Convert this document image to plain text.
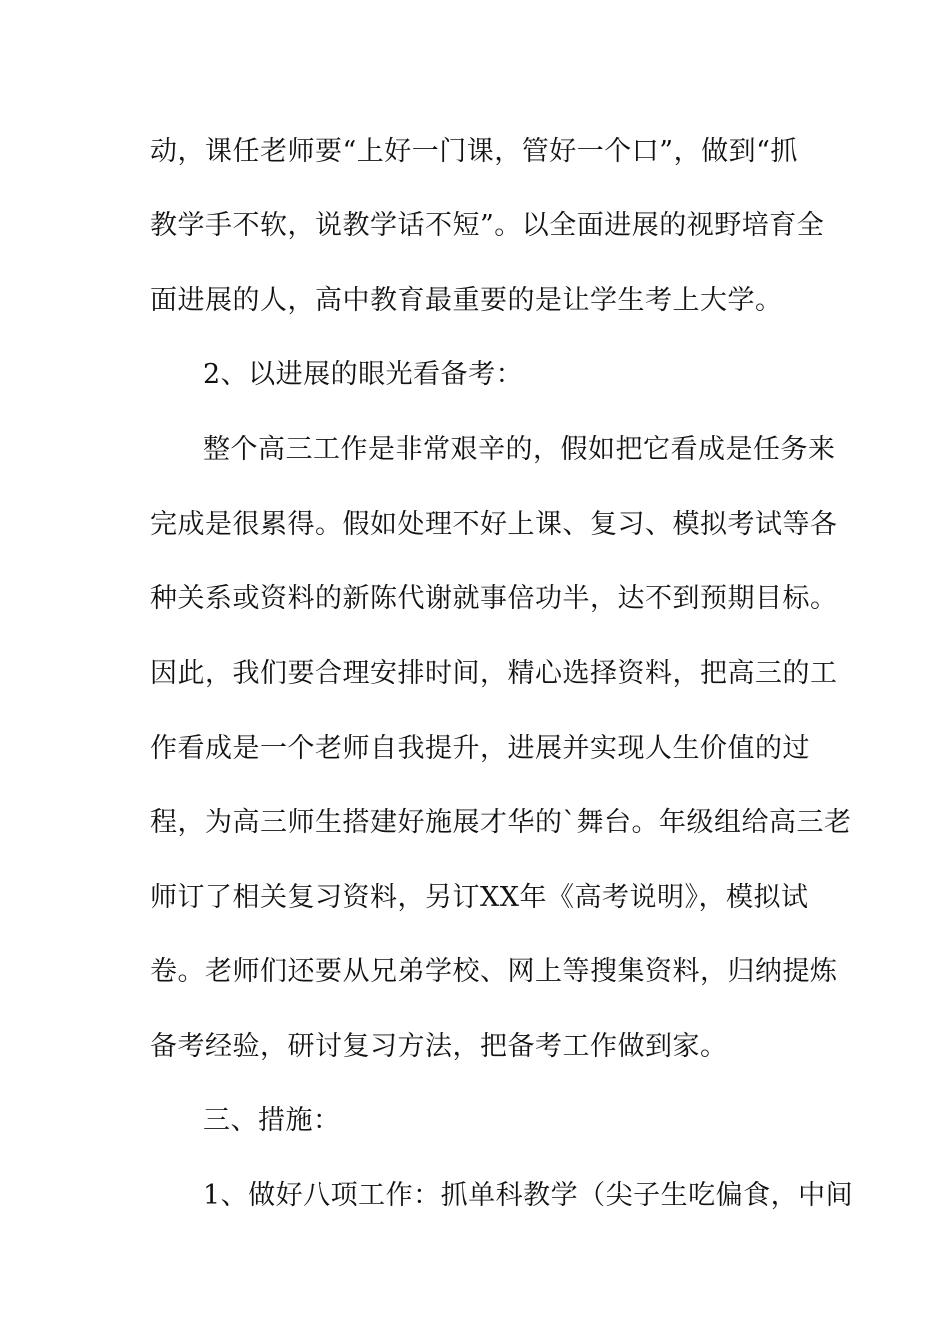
动，课任老师要“上好一门课，管好一个口”，做到“抓
教学手不软，说教学话不短”。以全面进展的视野培育全
面进展的人，高中教育最重要的是让学生考上大学。
2、以进展的眼光看备考：
整个高三工作是非常艰辛的，假如把它看成是任务来
完成是很累得。假如处理不好上课、复习、模拟考试等各
种关系或资料的新陈代谢就事倍功半，达不到预期目标。
因此，我们要合理安排时间，精心选择资料，把高三的工
作看成是一个老师自我提升，进展并实现人生价值的过
程，为高三师生搭建好施展才华的`舞台。年级组给高三老
师订了相关复习资料，另订XX年《高考说明》，模拟试
卷。老师们还要从兄弟学校、网上等搜集资料，归纳提炼
备考经验，研讨复习方法，把备考工作做到家。
三、措施：
1、做好八项工作：抓单科教学（尖子生吃偏食，中间
